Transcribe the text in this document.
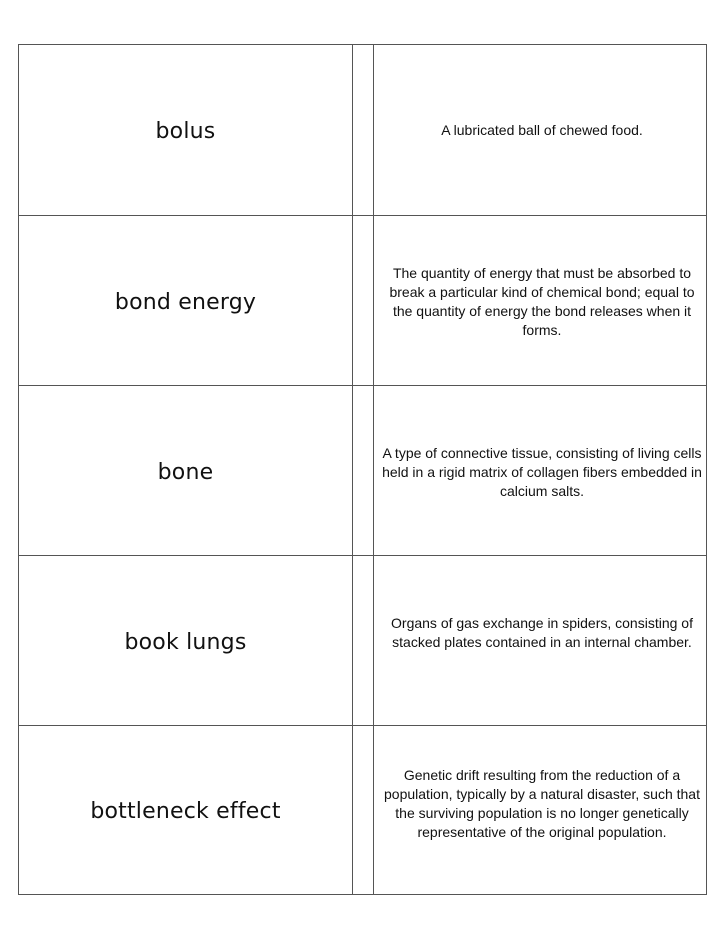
bolus	A lubricated ball of chewed food.
bond energy
The quantity of energy that must be absorbed to break a particular kind of chemical bond; equal to the quantity of energy the bond releases when it forms.
bone
A type of connective tissue, consisting of living cells held in a rigid matrix of collagen fibers embedded in calcium salts.
book lungs
Organs of gas exchange in spiders, consisting of stacked plates contained in an internal chamber.
bottleneck effect
Genetic drift resulting from the reduction of a population, typically by a natural disaster, such that the surviving population is no longer genetically representative of the original population.
